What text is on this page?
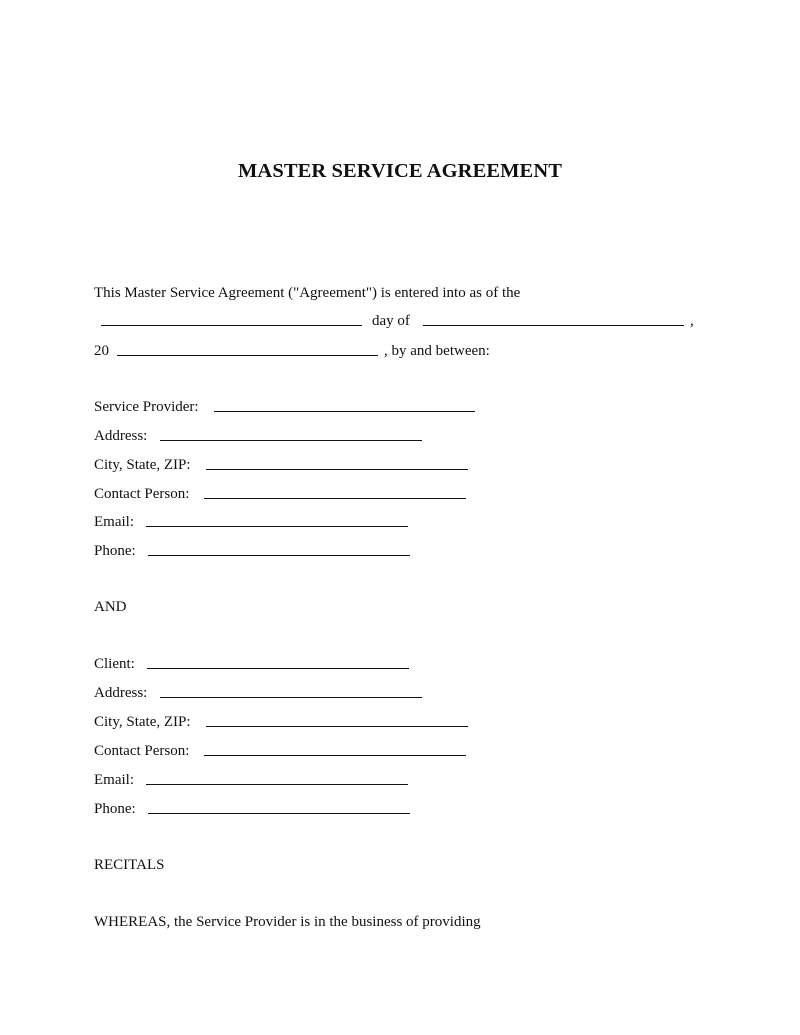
MASTER SERVICE AGREEMENT
This Master Service Agreement ("Agreement") is entered into as of the
day of	,
20	, by and between:
Service Provider:
Address:
City, State, ZIP:
Contact Person:
Email:
Phone:
AND
Client:
Address:
City, State, ZIP:
Contact Person:
Email:
Phone:
RECITALS
WHEREAS, the Service Provider is in the business of providing
